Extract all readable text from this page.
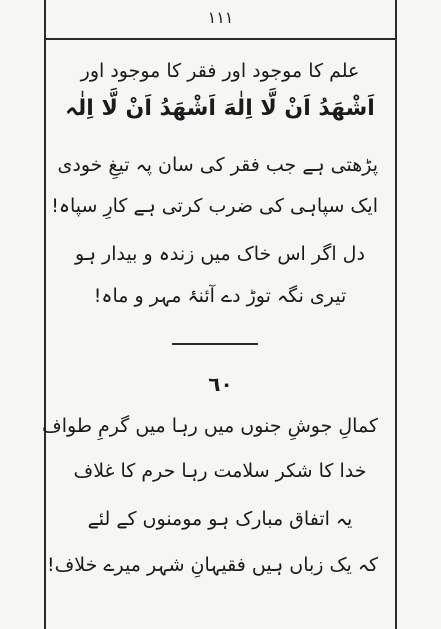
١١١
علم کا موجود اور فقر کا موجود اور
اَشْهَدُ اَنْ لَّا اِلٰهَ اَشْهَدُ اَنْ لَّا اِلٰہ
پڑھتی ہے جب فقر کی سان پہ تیغِ خودی
ایک سپاہی کی ضرب کرتی ہے کارِ سپاہ!
دل اگر اس خاک میں زندہ و بیدار ہو
تیری نگہ توڑ دے آئنۂ مہر و ماہ!
٦٠
کمالِ جوشِ جنوں میں رہا میں گرمِ طواف
خدا کا شکر سلامت رہا حرم کا غلاف
یہ اتفاق مبارک ہو مومنوں کے لئے
کہ یک زباں ہیں فقیہانِ شہر میرے خلاف!
